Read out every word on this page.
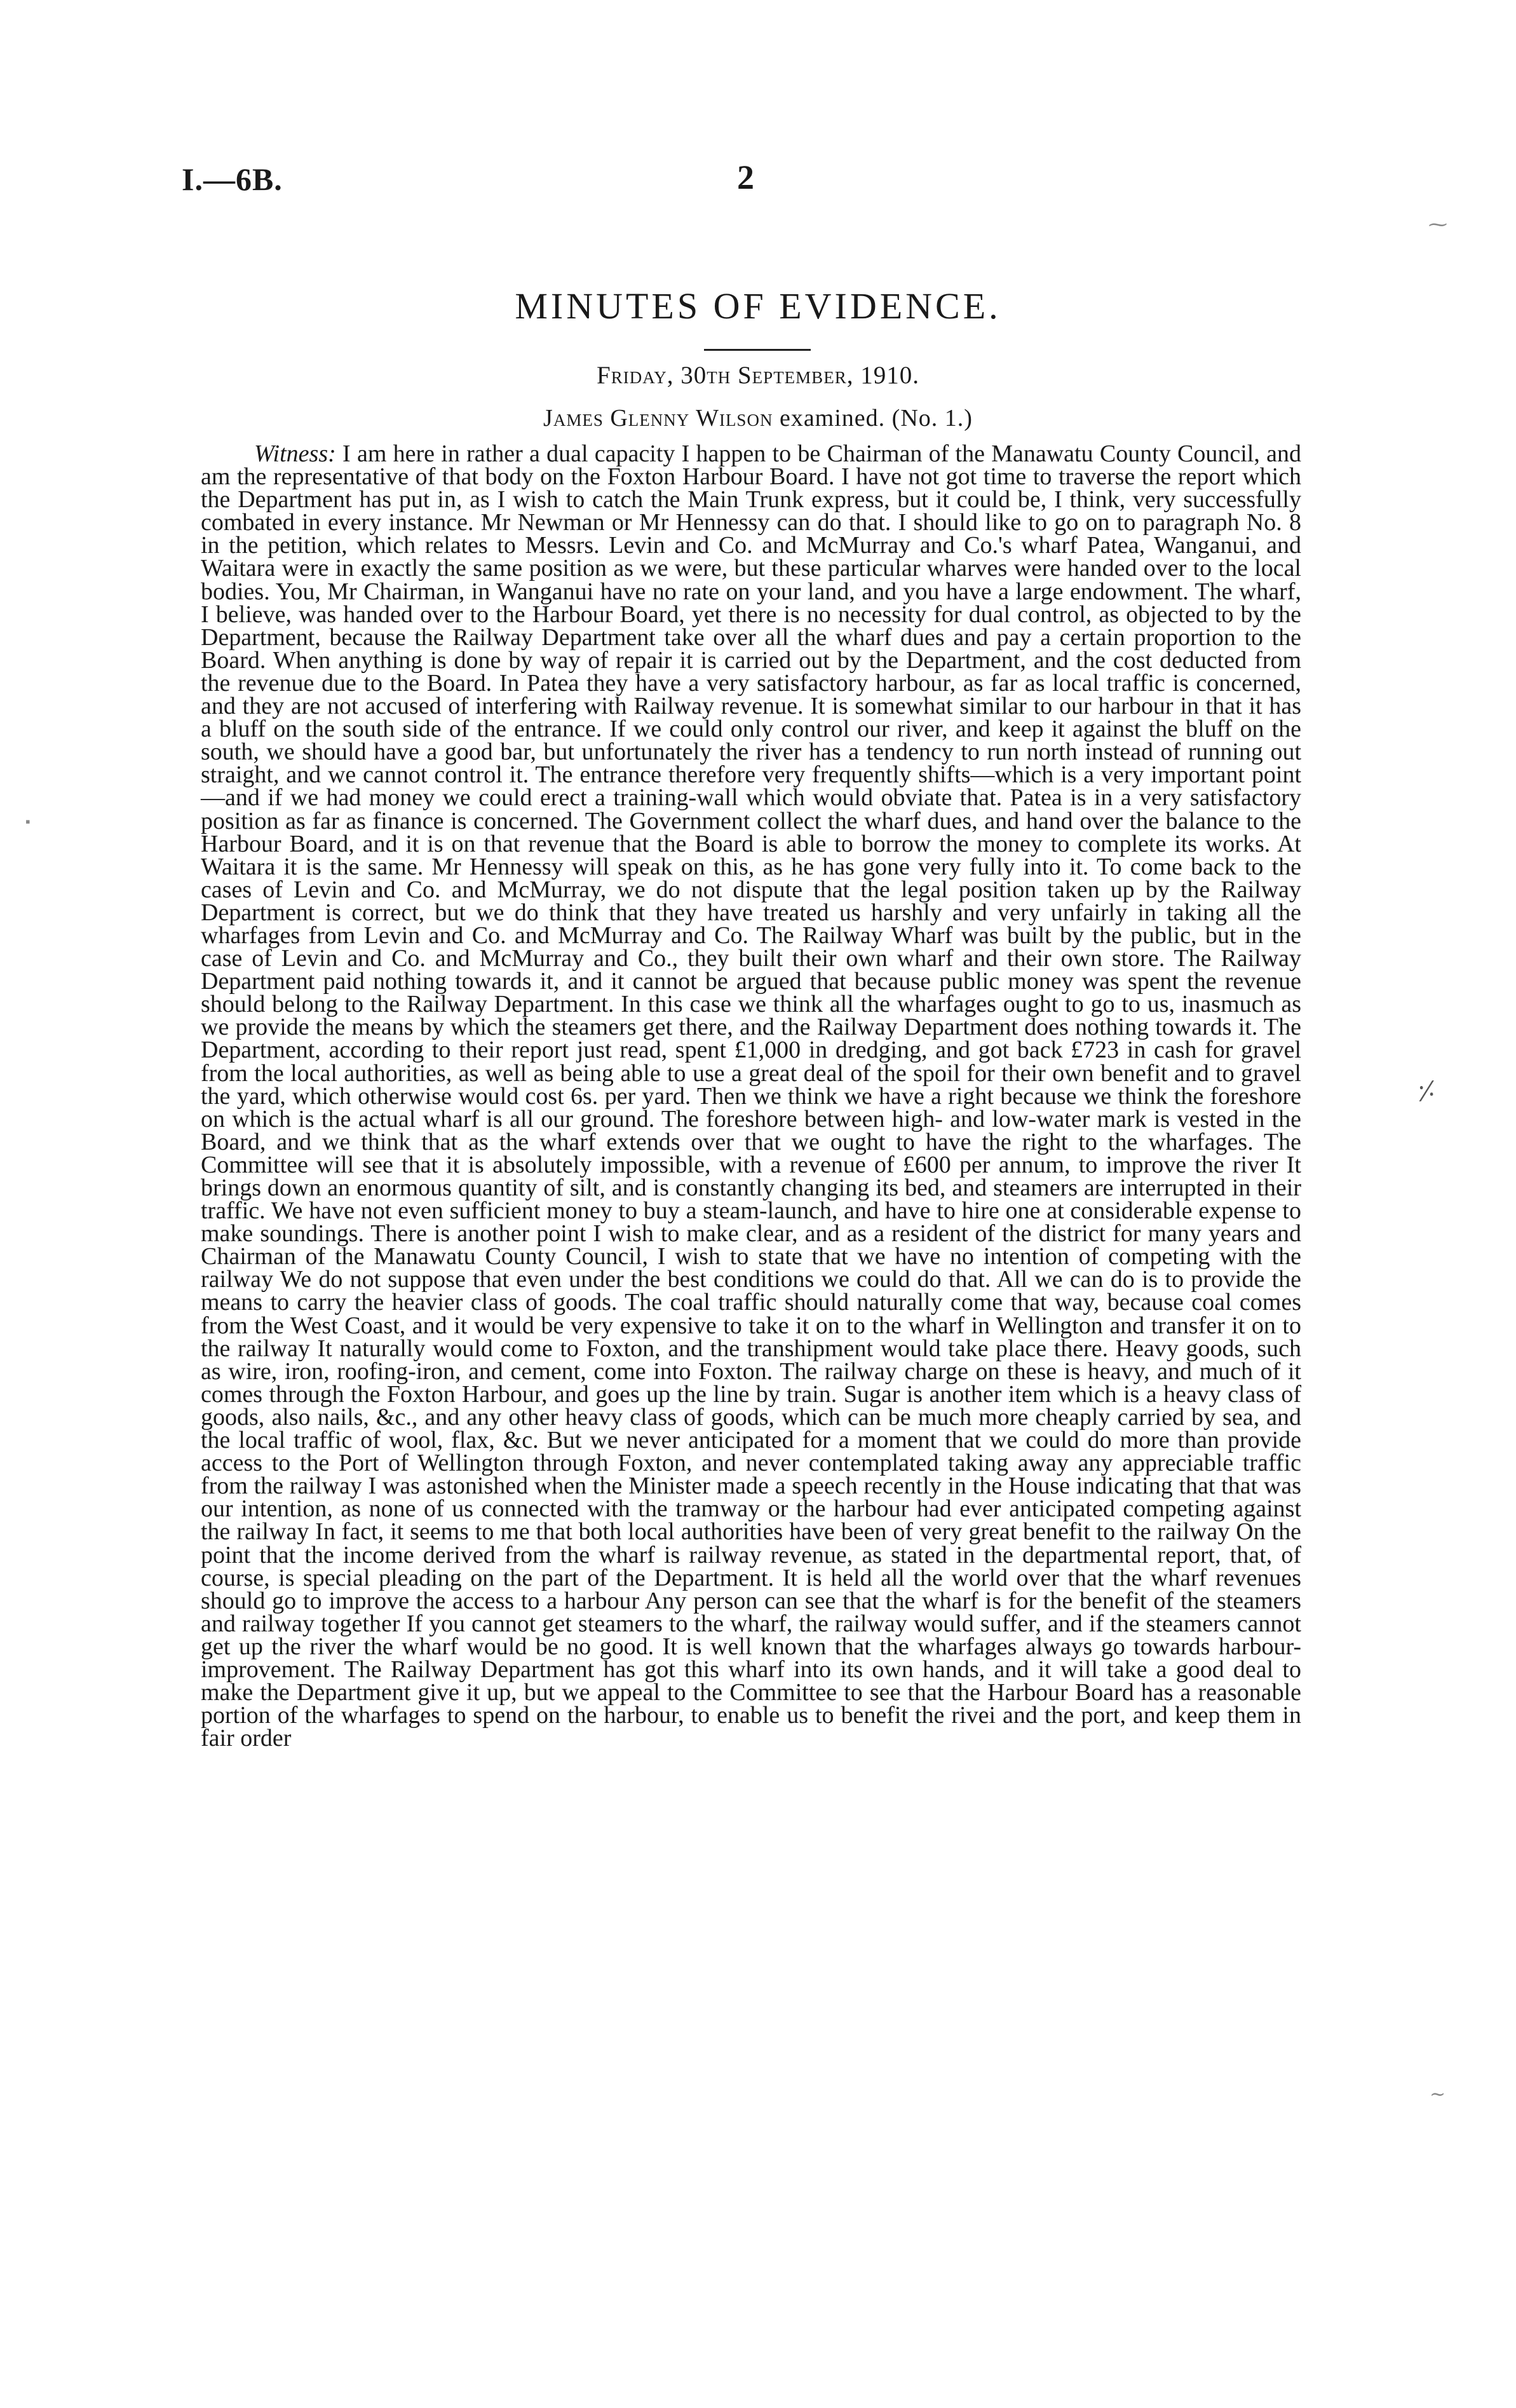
I.—6B.	2
MINUTES OF EVIDENCE.
Friday, 30th September, 1910.
James Glenny Wilson examined. (No. 1.)
Witness: I am here in rather a dual capacity I happen to be Chairman of the Manawatu County Council, and am the representative of that body on the Foxton Harbour Board. I have not got time to traverse the report which the Department has put in, as I wish to catch the Main Trunk express, but it could be, I think, very successfully combated in every instance. Mr Newman or Mr Hennessy can do that. I should like to go on to paragraph No. 8 in the petition, which relates to Messrs. Levin and Co. and McMurray and Co.'s wharf Patea, Wanganui, and Waitara were in exactly the same position as we were, but these particular wharves were handed over to the local bodies. You, Mr Chairman, in Wanganui have no rate on your land, and you have a large endowment. The wharf, I believe, was handed over to the Harbour Board, yet there is no necessity for dual control, as objected to by the Department, because the Railway Department take over all the wharf dues and pay a certain proportion to the Board. When anything is done by way of repair it is carried out by the Department, and the cost deducted from the revenue due to the Board. In Patea they have a very satisfactory harbour, as far as local traffic is concerned, and they are not accused of interfering with Railway revenue. It is somewhat similar to our harbour in that it has a bluff on the south side of the entrance. If we could only control our river, and keep it against the bluff on the south, we should have a good bar, but unfortunately the river has a tendency to run north instead of running out straight, and we cannot control it. The entrance therefore very frequently shifts—which is a very important point—and if we had money we could erect a training-wall which would obviate that. Patea is in a very satisfactory position as far as finance is concerned. The Government collect the wharf dues, and hand over the balance to the Harbour Board, and it is on that revenue that the Board is able to borrow the money to complete its works. At Waitara it is the same. Mr Hennessy will speak on this, as he has gone very fully into it. To come back to the cases of Levin and Co. and McMurray, we do not dispute that the legal position taken up by the Railway Department is correct, but we do think that they have treated us harshly and very unfairly in taking all the wharfages from Levin and Co. and McMurray and Co. The Railway Wharf was built by the public, but in the case of Levin and Co. and McMurray and Co., they built their own wharf and their own store. The Railway Department paid nothing towards it, and it cannot be argued that because public money was spent the revenue should belong to the Railway Department. In this case we think all the wharfages ought to go to us, inasmuch as we provide the means by which the steamers get there, and the Railway Department does nothing towards it. The Department, according to their report just read, spent £1,000 in dredging, and got back £723 in cash for gravel from the local authorities, as well as being able to use a great deal of the spoil for their own benefit and to gravel the yard, which otherwise would cost 6s. per yard. Then we think we have a right because we think the foreshore on which is the actual wharf is all our ground. The foreshore between high- and low-water mark is vested in the Board, and we think that as the wharf extends over that we ought to have the right to the wharfages. The Committee will see that it is absolutely impossible, with a revenue of £600 per annum, to improve the river It brings down an enormous quantity of silt, and is constantly changing its bed, and steamers are interrupted in their traffic. We have not even sufficient money to buy a steam-launch, and have to hire one at considerable expense to make soundings. There is another point I wish to make clear, and as a resident of the district for many years and Chairman of the Manawatu County Council, I wish to state that we have no intention of competing with the railway We do not suppose that even under the best conditions we could do that. All we can do is to provide the means to carry the heavier class of goods. The coal traffic should naturally come that way, because coal comes from the West Coast, and it would be very expensive to take it on to the wharf in Wellington and transfer it on to the railway It naturally would come to Foxton, and the transhipment would take place there. Heavy goods, such as wire, iron, roofing-iron, and cement, come into Foxton. The railway charge on these is heavy, and much of it comes through the Foxton Harbour, and goes up the line by train. Sugar is another item which is a heavy class of goods, also nails, &c., and any other heavy class of goods, which can be much more cheaply carried by sea, and the local traffic of wool, flax, &c. But we never anticipated for a moment that we could do more than provide access to the Port of Wellington through Foxton, and never contemplated taking away any appreciable traffic from the railway I was astonished when the Minister made a speech recently in the House indicating that that was our intention, as none of us connected with the tramway or the harbour had ever anticipated competing against the railway In fact, it seems to me that both local authorities have been of very great benefit to the railway On the point that the income derived from the wharf is railway revenue, as stated in the departmental report, that, of course, is special pleading on the part of the Department. It is held all the world over that the wharf revenues should go to improve the access to a harbour Any person can see that the wharf is for the benefit of the steamers and railway together If you cannot get steamers to the wharf, the railway would suffer, and if the steamers cannot get up the river the wharf would be no good. It is well known that the wharfages always go towards harbour-improvement. The Railway Department has got this wharf into its own hands, and it will take a good deal to make the Department give it up, but we appeal to the Committee to see that the Harbour Board has a reasonable portion of the wharfages to spend on the harbour, to enable us to benefit the rivei and the port, and keep them in fair order
⁓
⸓
∼
▪
